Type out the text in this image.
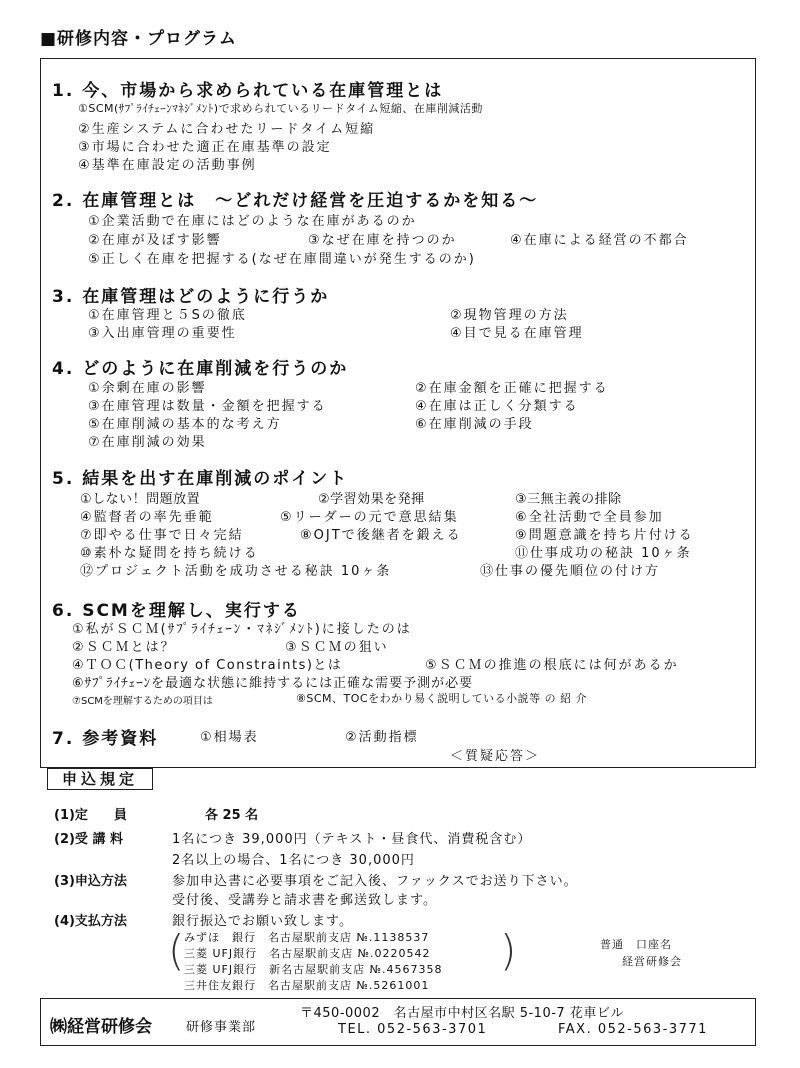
■研修内容・プログラム
1. 今、市場から求められている在庫管理とは
①SCM(ｻﾌﾟﾗｲﾁｪｰﾝﾏﾈｼﾞﾒﾝﾄ)で求められているリードタイム短縮、在庫削減活動
②生産システムに合わせたリードタイム短縮
③市場に合わせた適正在庫基準の設定
④基準在庫設定の活動事例
2. 在庫管理とは　～どれだけ経営を圧迫するかを知る～
①企業活動で在庫にはどのような在庫があるのか
②在庫が及ぼす影響	③なぜ在庫を持つのか	④在庫による経営の不都合
⑤正しく在庫を把握する(なぜ在庫間違いが発生するのか)
3. 在庫管理はどのように行うか
①在庫管理と５Sの徹底	②現物管理の方法
③入出庫管理の重要性	④目で見る在庫管理
4. どのように在庫削減を行うのか
①余剰在庫の影響	②在庫金額を正確に把握する
③在庫管理は数量・金額を把握する	④在庫は正しく分類する
⑤在庫削減の基本的な考え方	⑥在庫削減の手段
⑦在庫削減の効果
5. 結果を出す在庫削減のポイント
①しない！問題放置	②学習効果を発揮	③三無主義の排除
④監督者の率先垂範	⑤リーダーの元で意思結集	⑥全社活動で全員参加
⑦即やる仕事で日々完結	⑧OJTで後継者を鍛える	⑨問題意識を持ち片付ける
⑩素朴な疑問を持ち続ける	⑪仕事成功の秘訣 10ヶ条
⑫プロジェクト活動を成功させる秘訣 10ヶ条	⑬仕事の優先順位の付け方
6. SCMを理解し、実行する
①私がＳＣＭ(ｻﾌﾟﾗｲﾁｪｰﾝ・ﾏﾈｼﾞﾒﾝﾄ)に接したのは
②ＳＣＭとは？	③ＳＣＭの狙い
④ＴＯＣ(Theory of Constraints)とは	⑤ＳＣＭの推進の根底には何があるか
⑥ｻﾌﾟﾗｲﾁｪｰﾝを最適な状態に維持するには正確な需要予測が必要
⑦SCMを理解するための項目は	⑧SCM、TOCをわかり易く説明している小説等 の 紹 介
7. 参考資料	①相場表	②活動指標
＜質疑応答＞
申込規定
(1)定　　員	各 25 名
(2)受 講 料	1名につき 39,000円（テキスト・昼食代、消費税含む）
2名以上の場合、1名につき 30,000円
(3)申込方法	参加申込書に必要事項をご記入後、ファックスでお送り下さい。
受付後、受講券と請求書を郵送致します。
(4)支払方法	銀行振込でお願い致します。
( みずほ　銀行　名古屋駅前支店 №.1138537
三菱 UFJ銀行　名古屋駅前支店 №.0220542
三菱 UFJ銀行　新名古屋駅前支店 №.4567358
三井住友銀行　名古屋駅前支店 №.5261001
)	普通　口座名
経営研修会
㈱経営研修会	研修事業部
〒450-0002　名古屋市中村区名駅 5-10-7 花車ビル
TEL. 052-563-3701	FAX. 052-563-3771
